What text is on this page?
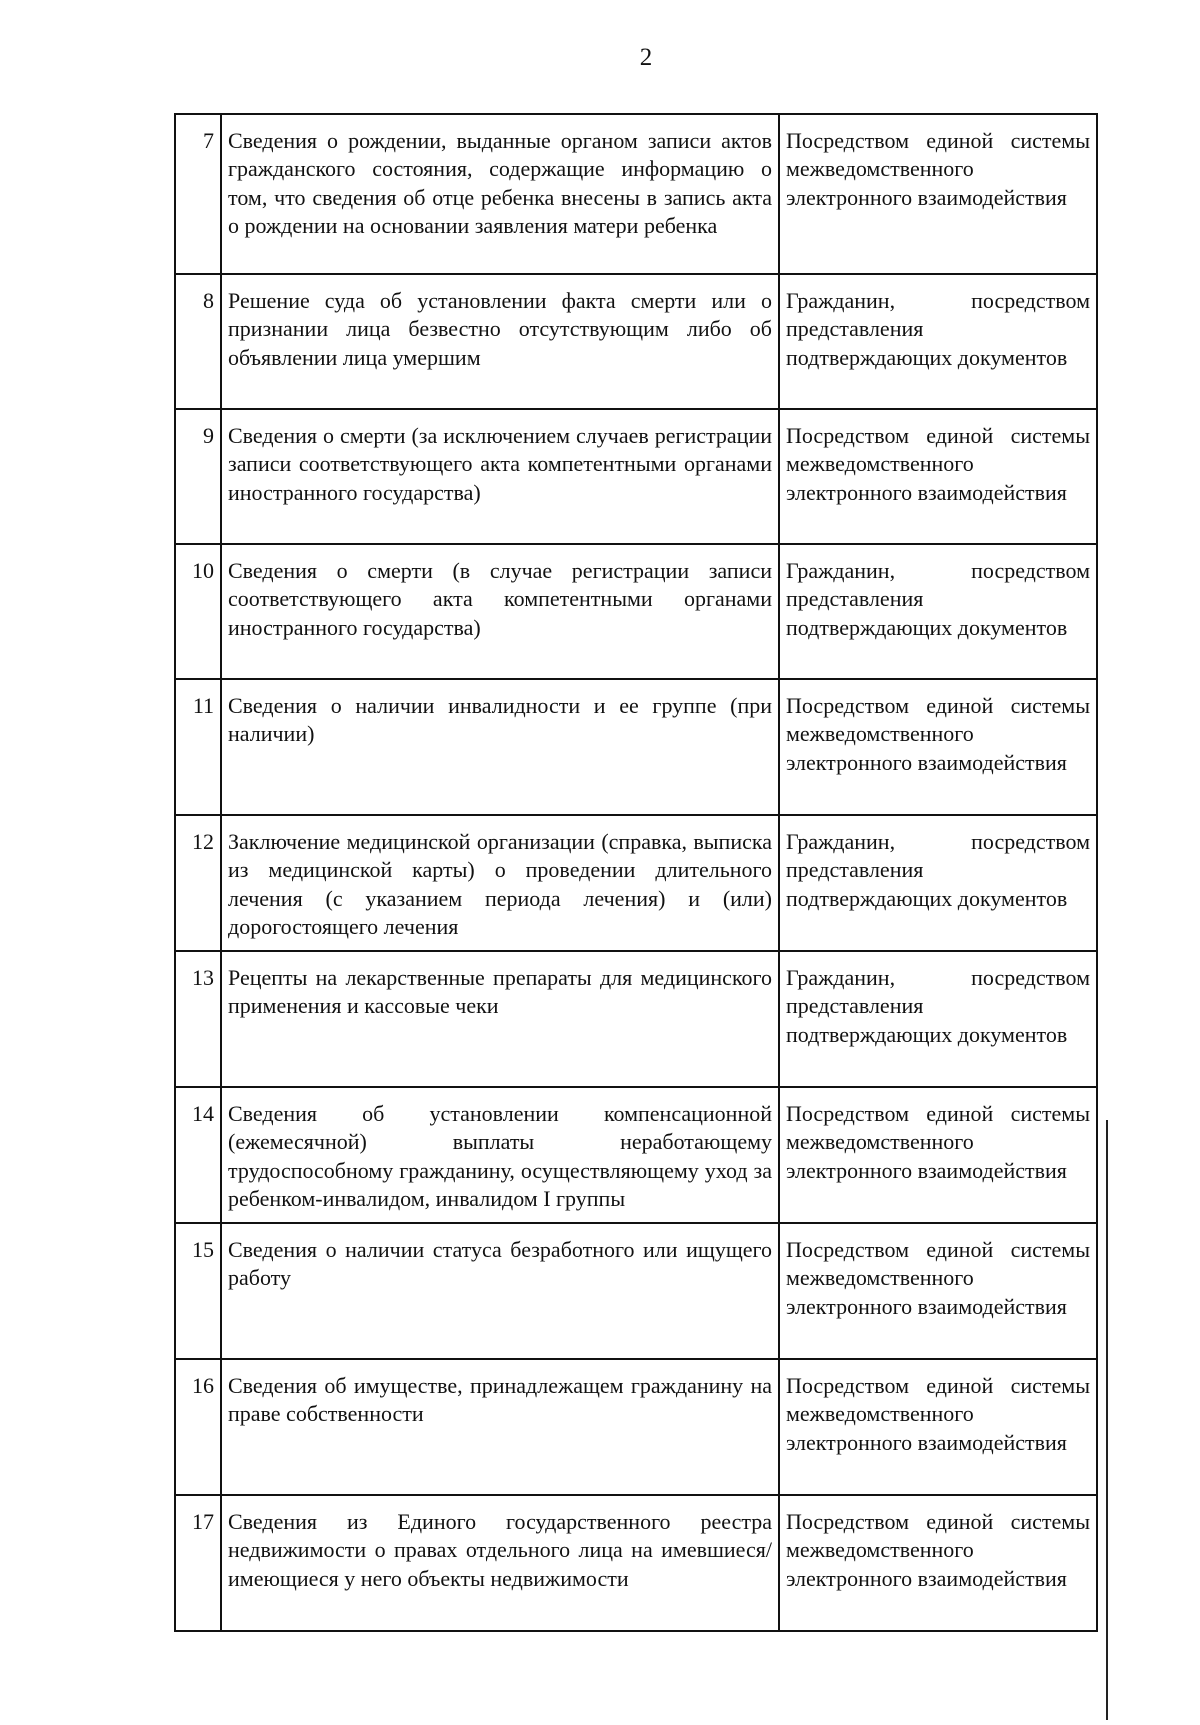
2
7	Сведения о рождении, выданные органом записи актов гражданского состояния, содержащие информацию о том, что сведения об отце ребенка внесены в запись акта о рождении на основании заявления матери ребенка	Посредством единой системы межведомственного электронного взаимодействия
8	Решение суда об установлении факта смерти или о признании лица безвестно отсутствующим либо об объявлении лица умершим	Гражданин, посредством представления подтверждающих документов
9	Сведения о смерти (за исключением случаев регистрации записи соответствующего акта компетентными органами иностранного государства)	Посредством единой системы межведомственного электронного взаимодействия
10	Сведения о смерти (в случае регистрации записи соответствующего акта компетентными органами иностранного государства)	Гражданин, посредством представления подтверждающих документов
11	Сведения о наличии инвалидности и ее группе (при наличии)	Посредством единой системы межведомственного электронного взаимодействия
12	Заключение медицинской организации (справка, выписка из медицинской карты) о проведении длительного лечения (с указанием периода лечения) и (или) дорогостоящего лечения	Гражданин, посредством представления подтверждающих документов
13	Рецепты на лекарственные препараты для медицинского применения и кассовые чеки	Гражданин, посредством представления подтверждающих документов
14	Сведения об установлении компенсационной (ежемесячной) выплаты неработающему трудоспособному гражданину, осуществляющему уход за ребенком-инвалидом, инвалидом I группы	Посредством единой системы межведомственного электронного взаимодействия
15	Сведения о наличии статуса безработного или ищущего работу	Посредством единой системы межведомственного электронного взаимодействия
16	Сведения об имуществе, принадлежащем гражданину на праве собственности	Посредством единой системы межведомственного электронного взаимодействия
17	Сведения из Единого государственного реестра недвижимости о правах отдельного лица на имевшиеся/имеющиеся у него объекты недвижимости	Посредством единой системы межведомственного электронного взаимодействия
